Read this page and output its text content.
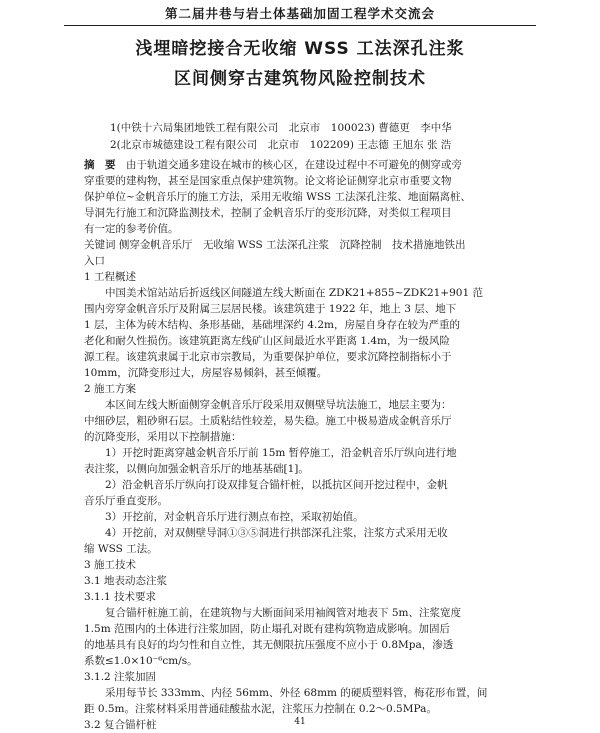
第二届井巷与岩土体基础加固工程学术交流会
浅埋暗挖接合无收缩 WSS 工法深孔注浆
区间侧穿古建筑物风险控制技术
1(中铁十六局集团地铁工程有限公司　北京市　100023) 曹德更　李中华
2(北京市城德建设工程有限公司　北京市　102209) 王志德 王旭东 张 浩
摘　要　 由于轨道交通多建设在城市的核心区，在建设过程中不可避免的侧穿或旁
穿重要的建构物，甚至是国家重点保护建筑物。论文将论证侧穿北京市重要文物
保护单位~金帆音乐厅的施工方法，采用无收缩 WSS 工法深孔注浆、地面隔离桩、
导洞先行施工和沉降监测技术，控制了金帆音乐厅的变形沉降，对类似工程项目
有一定的参考价值。
关键词 侧穿金帆音乐厅　无收缩 WSS 工法深孔注浆　沉降控制　技术措施地铁出
入口
1 工程概述
中国美术馆站站后折返线区间隧道左线大断面在 ZDK21+855~ZDK21+901 范
围内旁穿金帆音乐厅及附属三层居民楼。该建筑建于 1922 年，地上 3 层、地下
1 层，主体为砖木结构、条形基础，基础埋深约 4.2m，房屋自身存在较为严重的
老化和耐久性损伤。该建筑距离左线矿山区间最近水平距离 1.4m，为一级风险
源工程。该建筑隶属于北京市宗教局，为重要保护单位，要求沉降控制指标小于
10mm，沉降变形过大，房屋容易倾斜，甚至倾覆。
2 施工方案
本区间左线大断面侧穿金帆音乐厅段采用双侧壁导坑法施工，地层主要为：
中细砂层，粗砂卵石层。土质粘结性较差，易失稳。施工中极易造成金帆音乐厅
的沉降变形，采用以下控制措施：
1）开挖时距离穿越金帆音乐厅前 15m 暂停施工，沿金帆音乐厅纵向进行地
表注浆，以侧向加强金帆音乐厅的地基基础[1]。
2）沿金帆音乐厅纵向打设双排复合锚杆桩，以抵抗区间开挖过程中，金帆
音乐厅垂直变形。
3）开挖前，对金帆音乐厅进行测点布控，采取初始值。
4）开挖前，对双侧壁导洞①③⑤洞进行拱部深孔注浆，注浆方式采用无收
缩 WSS 工法。
3 施工技术
3.1 地表动态注浆
3.1.1 技术要求
复合锚杆桩施工前，在建筑物与大断面间采用袖阀管对地表下 5m、注浆宽度
1.5m 范围内的土体进行注浆加固，防止塌孔对既有建构筑物造成影响。加固后
的地基具有良好的均匀性和自立性，其无侧限抗压强度不应小于 0.8Mpa，渗透
系数≤1.0×10⁻⁶cm/s。
3.1.2 注浆加固
采用每节长 333mm、内径 56mm、外径 68mm 的硬质塑料管，梅花形布置，间
距 0.5m。注浆材料采用普通硅酸盐水泥，注浆压力控制在 0.2～0.5MPa。
3.2 复合锚杆桩	41
